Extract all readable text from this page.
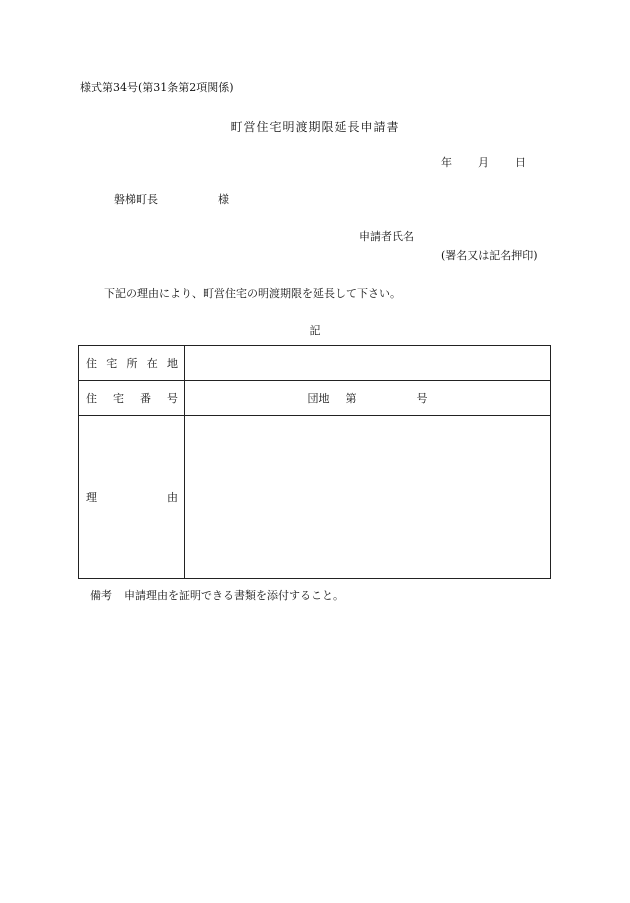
様式第34号(第31条第2項関係)
町営住宅明渡期限延長申請書
年 月 日
磐梯町長	様
申請者氏名
(署名又は記名押印)
下記の理由により、町営住宅の明渡期限を延長して下さい。
記
住 宅 所 在 地	

住 宅 番 号	団地 第 号

理 由	

備考 申請理由を証明できる書類を添付すること。
